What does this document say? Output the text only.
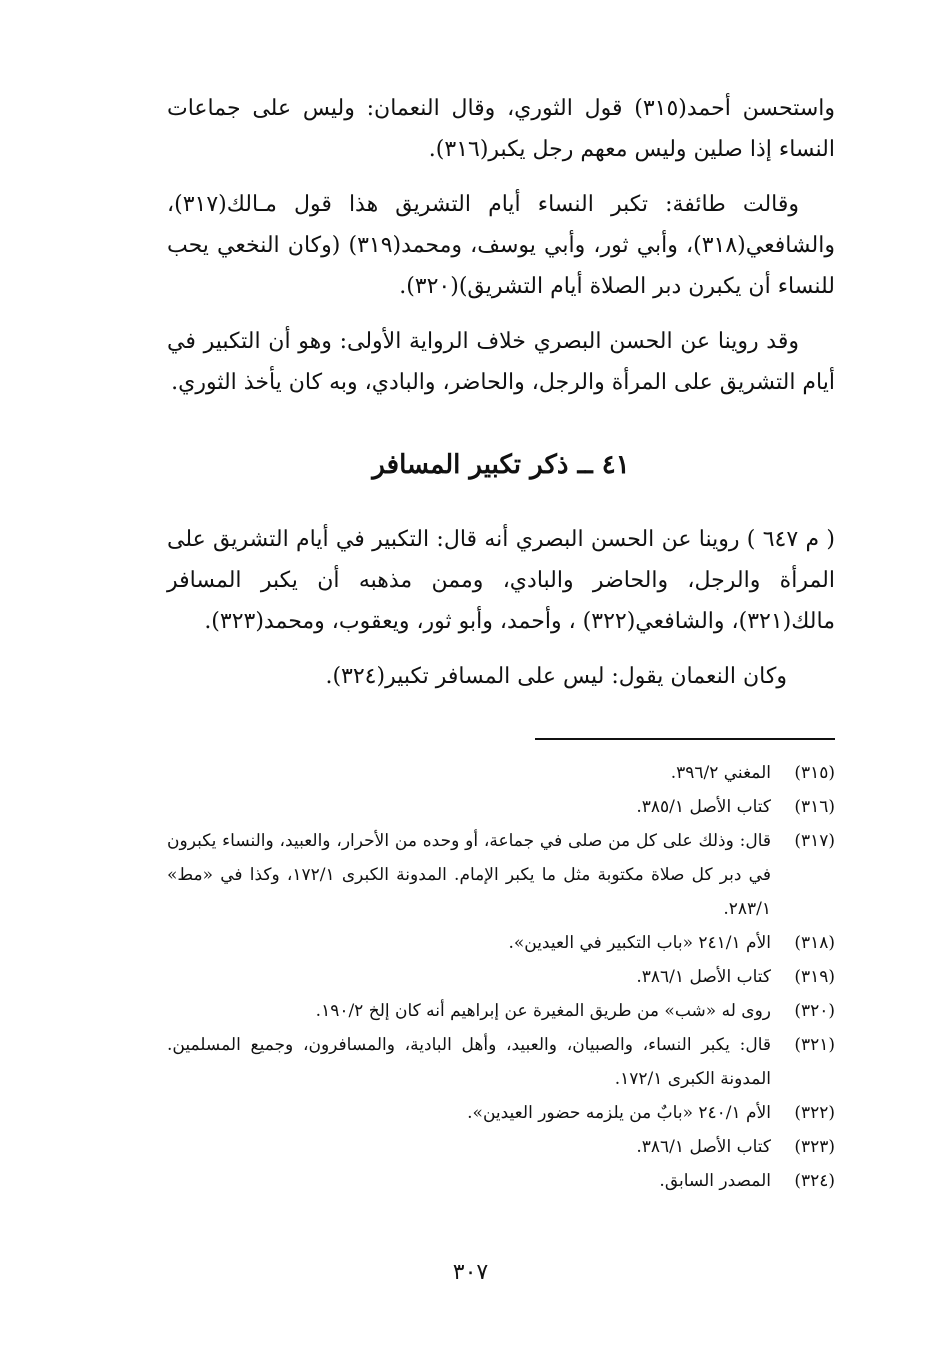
واستحسن أحمد(٣١٥) قول الثوري، وقال النعمان: وليس على جماعات النساء إذا صلين وليس معهم رجل يكبر(٣١٦).

وقالت طائفة: تكبر النساء أيام التشريق هذا قول مـالك(٣١٧)، والشافعي(٣١٨)، وأبي ثور، وأبي يوسف، ومحمد(٣١٩) (وكان النخعي يحب للنساء أن يكبرن دبر الصلاة أيام التشريق)(٣٢٠).

وقد روينا عن الحسن البصري خلاف الرواية الأولى: وهو أن التكبير في أيام التشريق على المرأة والرجل، والحاضر، والبادي، وبه كان يأخذ الثوري.

٤١ ــ ذكر تكبير المسافر

( م ٦٤٧ ) روينا عن الحسن البصري أنه قال: التكبير في أيام التشريق على المرأة والرجل، والحاضر والبادي، وممن مذهبه أن يكبر المسافر مالك(٣٢١)، والشافعي(٣٢٢) ، وأحمد، وأبو ثور، ويعقوب، ومحمد(٣٢٣).

وكان النعمان يقول: ليس على المسافر تكبير(٣٢٤).

(٣١٥)
المغني ٣٩٦/٢.
(٣١٦)
كتاب الأصل ٣٨٥/١.
(٣١٧)
قال: وذلك على كل من صلى في جماعة، أو وحده من الأحرار، والعبيد، والنساء يكبرون في دبر كل صلاة مكتوبة مثل ما يكبر الإمام. المدونة الكبرى ١٧٢/١، وكذا في «مط» ٢٨٣/١.
(٣١٨)
الأم ٢٤١/١ «باب التكبير في العيدين».
(٣١٩)
كتاب الأصل ٣٨٦/١.
(٣٢٠)
روى له «شب» من طريق المغيرة عن إبراهيم أنه كان إلخ ١٩٠/٢.
(٣٢١)
قال: يكبر النساء، والصبيان، والعبيد، وأهل البادية، والمسافرون، وجميع المسلمين. المدونة الكبرى ١٧٢/١.
(٣٢٢)
الأم ٢٤٠/١ «بابٌ من يلزمه حضور العيدين».
(٣٢٣)
كتاب الأصل ٣٨٦/١.
(٣٢٤)
المصدر السابق.
٣٠٧
